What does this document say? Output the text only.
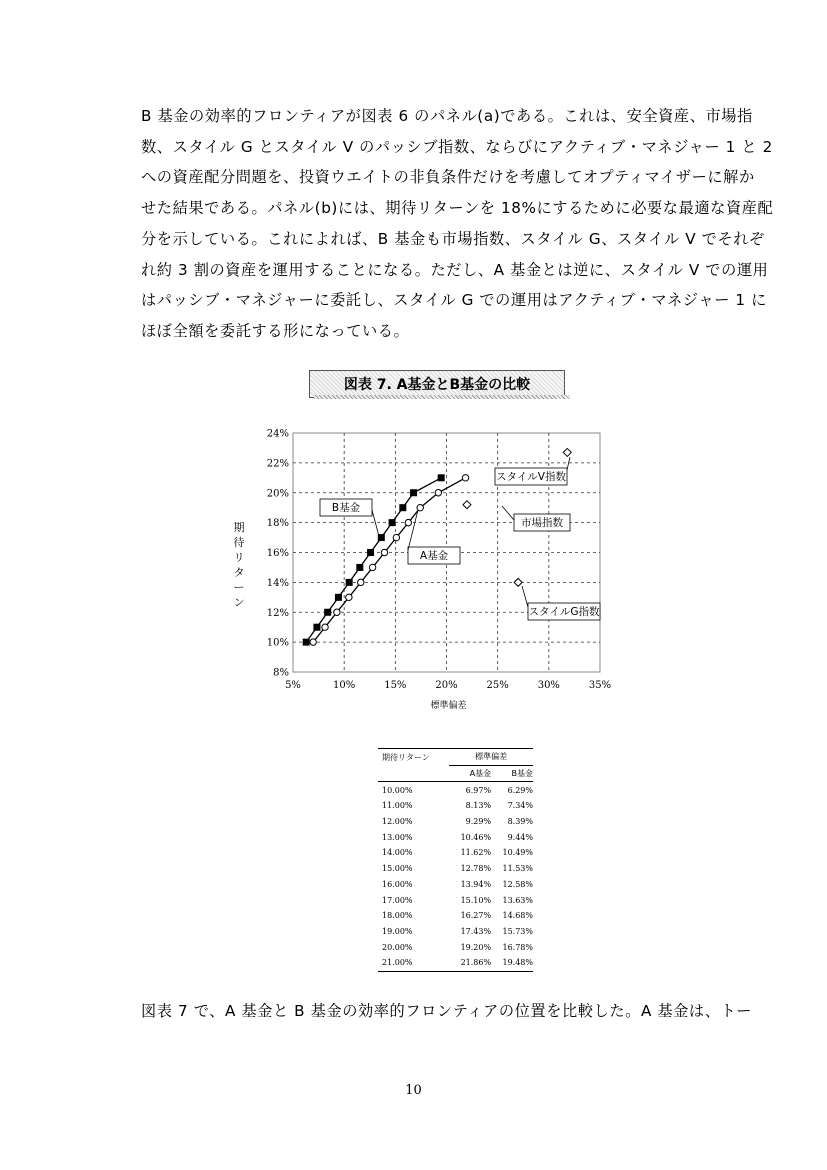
B 基金の効率的フロンティアが図表 6 のパネル(a)である。これは、安全資産、市場指
数、スタイル G とスタイル V のパッシブ指数、ならびにアクティブ・マネジャー 1 と 2
への資産配分問題を、投資ウエイトの非負条件だけを考慮してオプティマイザーに解か
せた結果である。パネル(b)には、期待リターンを 18%にするために必要な最適な資産配
分を示している。これによれば、B 基金も市場指数、スタイル G、スタイル V でそれぞ
れ約 3 割の資産を運用することになる。ただし、A 基金とは逆に、スタイル V での運用
はパッシブ・マネジャーに委託し、スタイル G での運用はアクティブ・マネジャー 1 に
ほぼ全額を委託する形になっている。
図表 7. A基金とB基金の比較
期待リターン
5%	10%	15%	20%	25%	30%	35%
8%
10%
12%
14%
16%
18%
20%
22%
24%
標準偏差
B基金
A基金
スタイルV指数
市場指数
スタイルG指数
期待リターン	標準偏差	
	A基金	B基金
10.00%	6.97%	6.29%
11.00%	8.13%	7.34%
12.00%	9.29%	8.39%
13.00%	10.46%	9.44%
14.00%	11.62%	10.49%
15.00%	12.78%	11.53%
16.00%	13.94%	12.58%
17.00%	15.10%	13.63%
18.00%	16.27%	14.68%
19.00%	17.43%	15.73%
20.00%	19.20%	16.78%
21.00%	21.86%	19.48%
図表 7 で、A 基金と B 基金の効率的フロンティアの位置を比較した。A 基金は、トー
10
